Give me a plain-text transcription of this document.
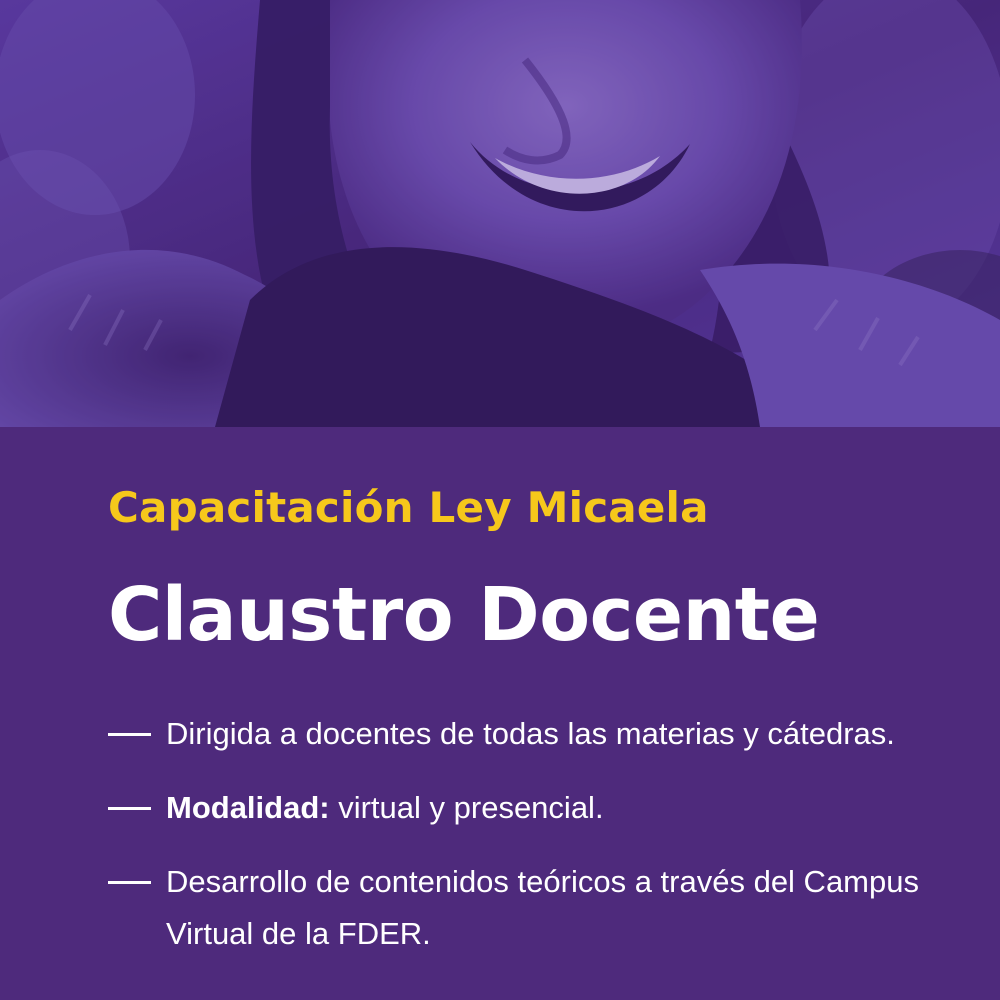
Capacitación Ley Micaela
Claustro Docente
Dirigida a docentes de todas las materias y cátedras.
Modalidad: virtual y presencial.
Desarrollo de contenidos teóricos a través del Campus Virtual de la FDER.
